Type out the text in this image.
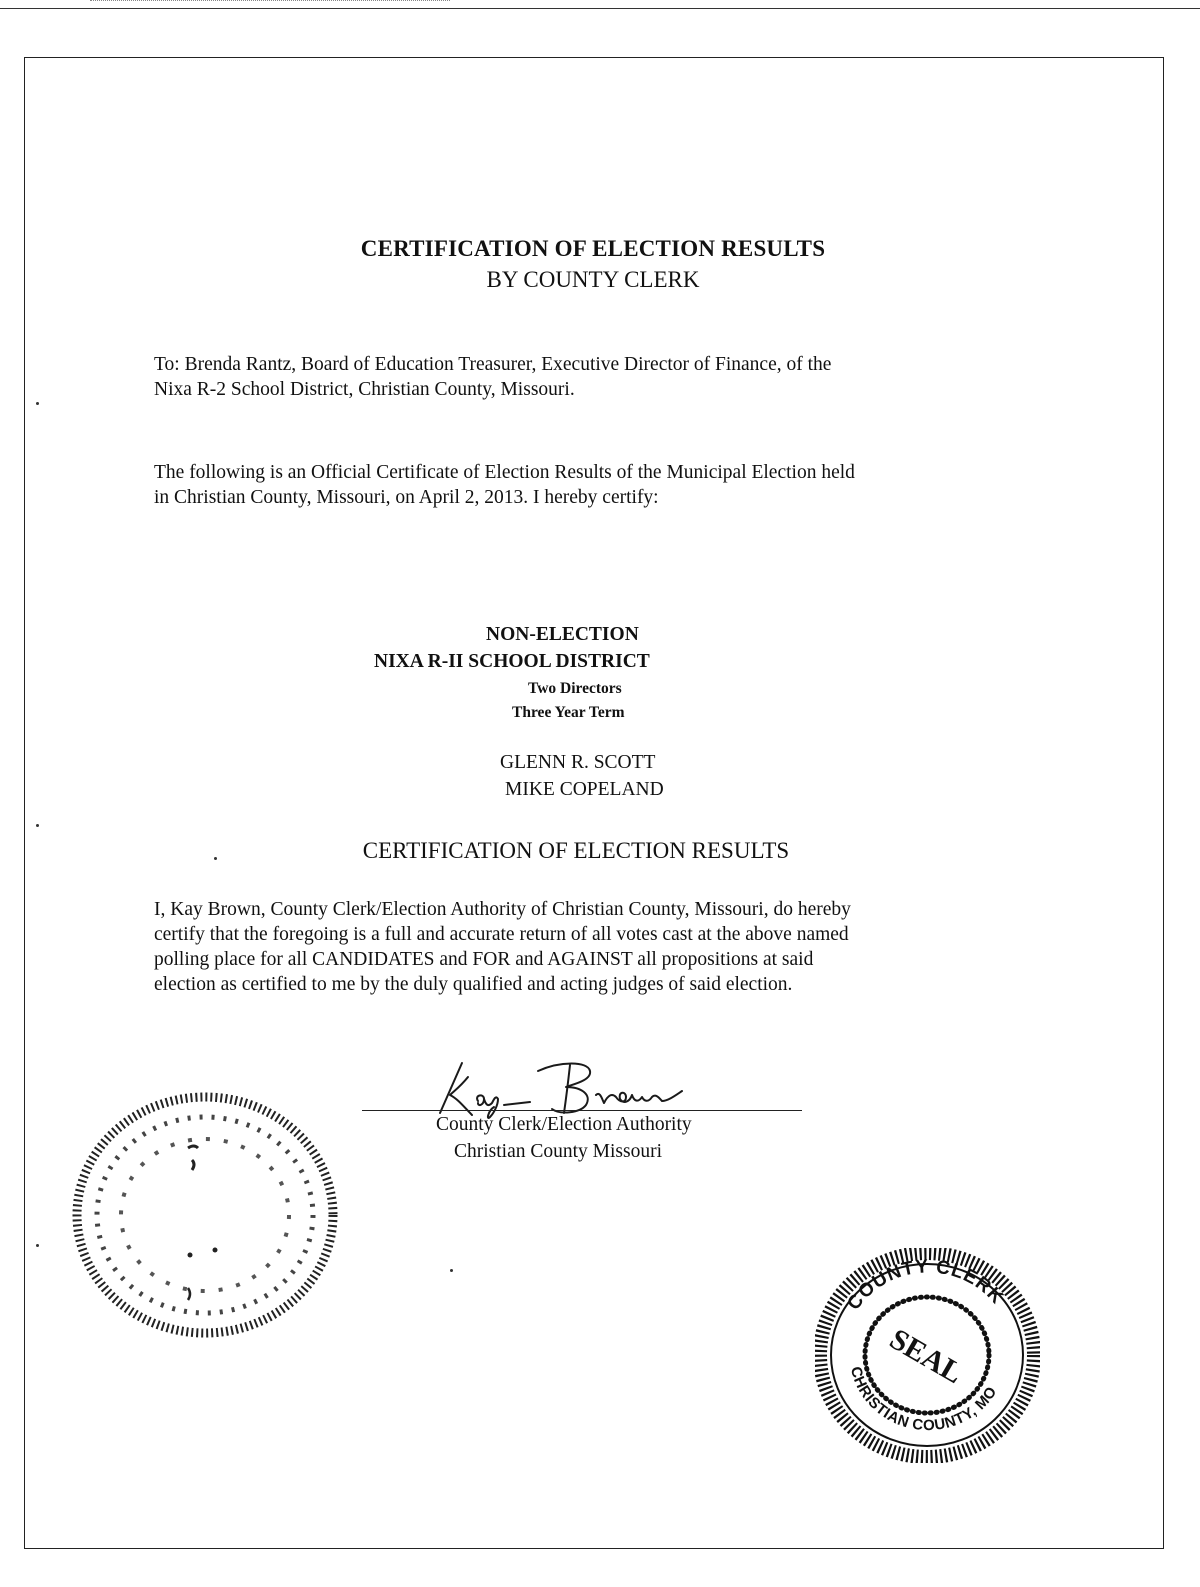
CERTIFICATION OF ELECTION RESULTS
BY COUNTY CLERK
To: Brenda Rantz, Board of Education Treasurer, Executive Director of Finance, of the
Nixa R-2 School District, Christian County, Missouri.
The following is an Official Certificate of Election Results of the Municipal Election held
in Christian County, Missouri, on April 2, 2013. I hereby certify:
NON-ELECTION
NIXA R-II SCHOOL DISTRICT
Two Directors
Three Year Term
GLENN R. SCOTT
MIKE COPELAND
CERTIFICATION OF ELECTION RESULTS
I, Kay Brown, County Clerk/Election Authority of Christian County, Missouri, do hereby
certify that the foregoing is a full and accurate return of all votes cast at the above named
polling place for all CANDIDATES and FOR and AGAINST all propositions at said
election as certified to me by the duly qualified and acting judges of said election.
County Clerk/Election Authority
Christian County Missouri
COUNTY CLERK
CHRISTIAN COUNTY, MO
SEAL
